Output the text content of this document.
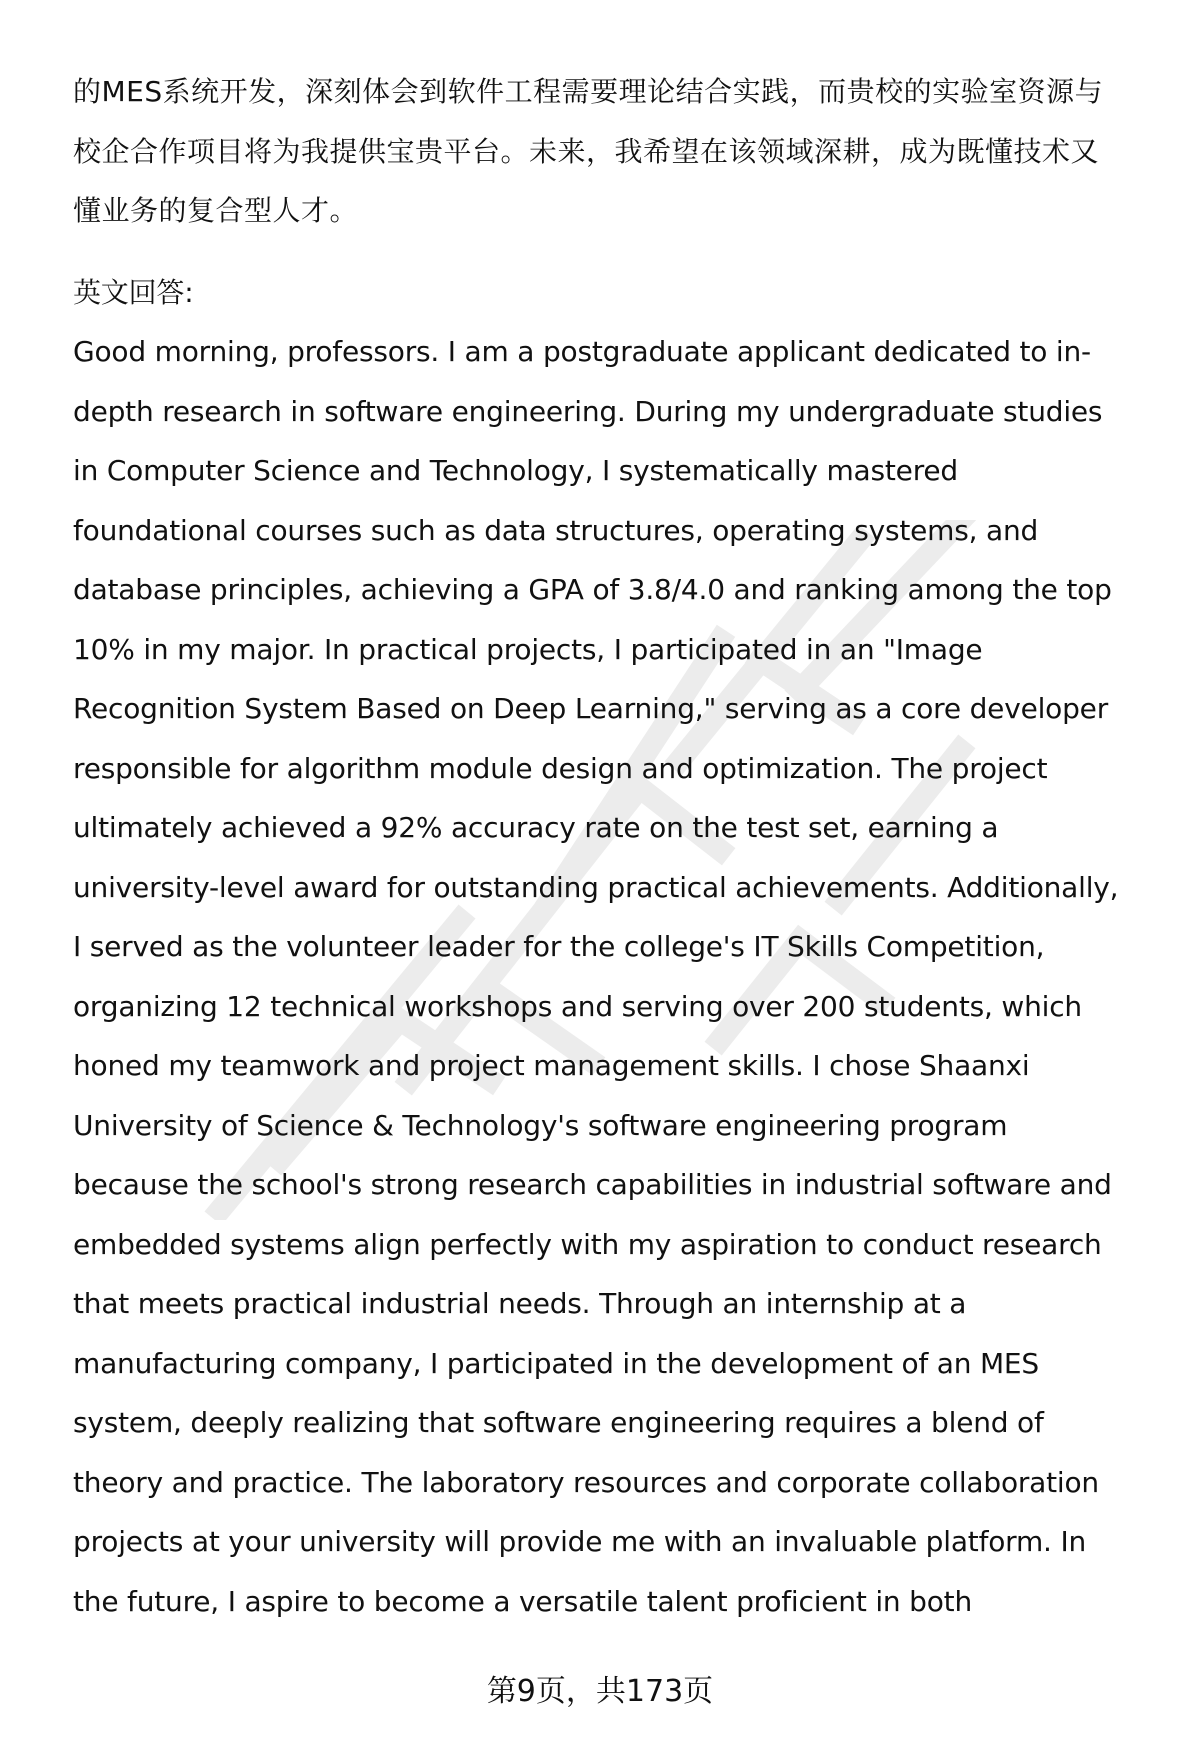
的MES系统开发，深刻体会到软件工程需要理论结合实践，而贵校的实验室资源与
校企合作项目将为我提供宝贵平台。未来，我希望在该领域深耕，成为既懂技术又
懂业务的复合型人才。
英文回答:
Good morning, professors. I am a postgraduate applicant dedicated to in-
depth research in software engineering. During my undergraduate studies
in Computer Science and Technology, I systematically mastered
foundational courses such as data structures, operating systems, and
database principles, achieving a GPA of 3.8/4.0 and ranking among the top
10% in my major. In practical projects, I participated in an "Image
Recognition System Based on Deep Learning," serving as a core developer
responsible for algorithm module design and optimization. The project
ultimately achieved a 92% accuracy rate on the test set, earning a
university-level award for outstanding practical achievements. Additionally,
I served as the volunteer leader for the college's IT Skills Competition,
organizing 12 technical workshops and serving over 200 students, which
honed my teamwork and project management skills. I chose Shaanxi
University of Science & Technology's software engineering program
because the school's strong research capabilities in industrial software and
embedded systems align perfectly with my aspiration to conduct research
that meets practical industrial needs. Through an internship at a
manufacturing company, I participated in the development of an MES
system, deeply realizing that software engineering requires a blend of
theory and practice. The laboratory resources and corporate collaboration
projects at your university will provide me with an invaluable platform. In
the future, I aspire to become a versatile talent proficient in both
第9页，共173页
